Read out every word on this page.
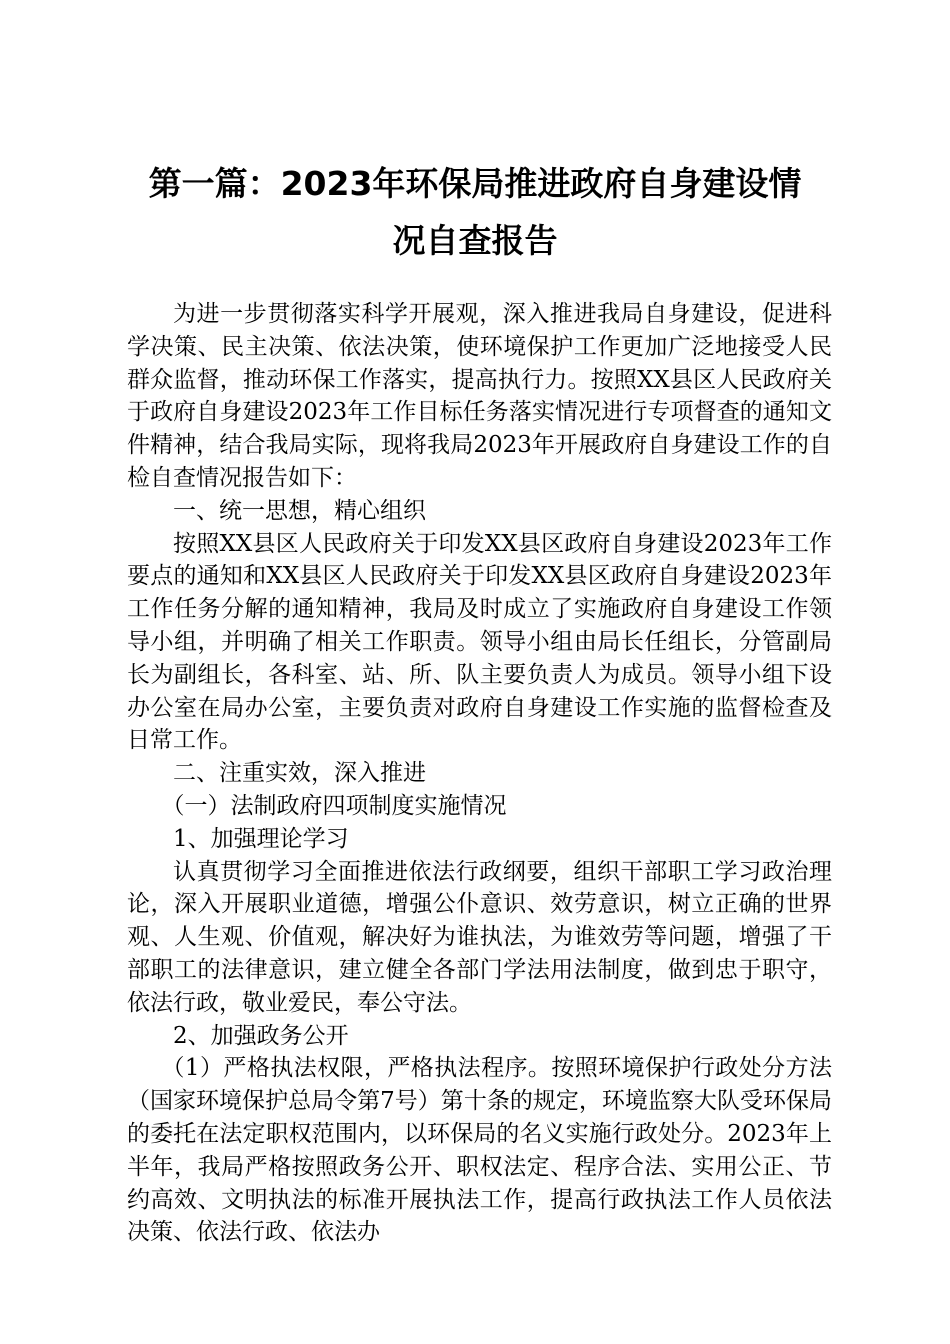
第一篇：2023年环保局推进政府自身建设情
况自查报告

为进一步贯彻落实科学开展观，深入推进我局自身建设，促进科学决策、民主决策、依法决策，使环境保护工作更加广泛地接受人民群众监督，推动环保工作落实，提高执行力。按照XX县区人民政府关于政府自身建设2023年工作目标任务落实情况进行专项督查的通知文件精神，结合我局实际，现将我局2023年开展政府自身建设工作的自检自查情况报告如下：

一、统一思想，精心组织

按照XX县区人民政府关于印发XX县区政府自身建设2023年工作要点的通知和XX县区人民政府关于印发XX县区政府自身建设2023年工作任务分解的通知精神，我局及时成立了实施政府自身建设工作领导小组，并明确了相关工作职责。领导小组由局长任组长，分管副局长为副组长，各科室、站、所、队主要负责人为成员。领导小组下设办公室在局办公室，主要负责对政府自身建设工作实施的监督检查及日常工作。

二、注重实效，深入推进

（一）法制政府四项制度实施情况

1、加强理论学习

认真贯彻学习全面推进依法行政纲要，组织干部职工学习政治理论，深入开展职业道德，增强公仆意识、效劳意识，树立正确的世界观、人生观、价值观，解决好为谁执法，为谁效劳等问题，增强了干部职工的法律意识，建立健全各部门学法用法制度，做到忠于职守，依法行政，敬业爱民，奉公守法。

2、加强政务公开

（1）严格执法权限，严格执法程序。按照环境保护行政处分方法（国家环境保护总局令第7号）第十条的规定，环境监察大队受环保局的委托在法定职权范围内，以环保局的名义实施行政处分。2023年上半年，我局严格按照政务公开、职权法定、程序合法、实用公正、节约高效、文明执法的标准开展执法工作，提高行政执法工作人员依法决策、依法行政、依法办
